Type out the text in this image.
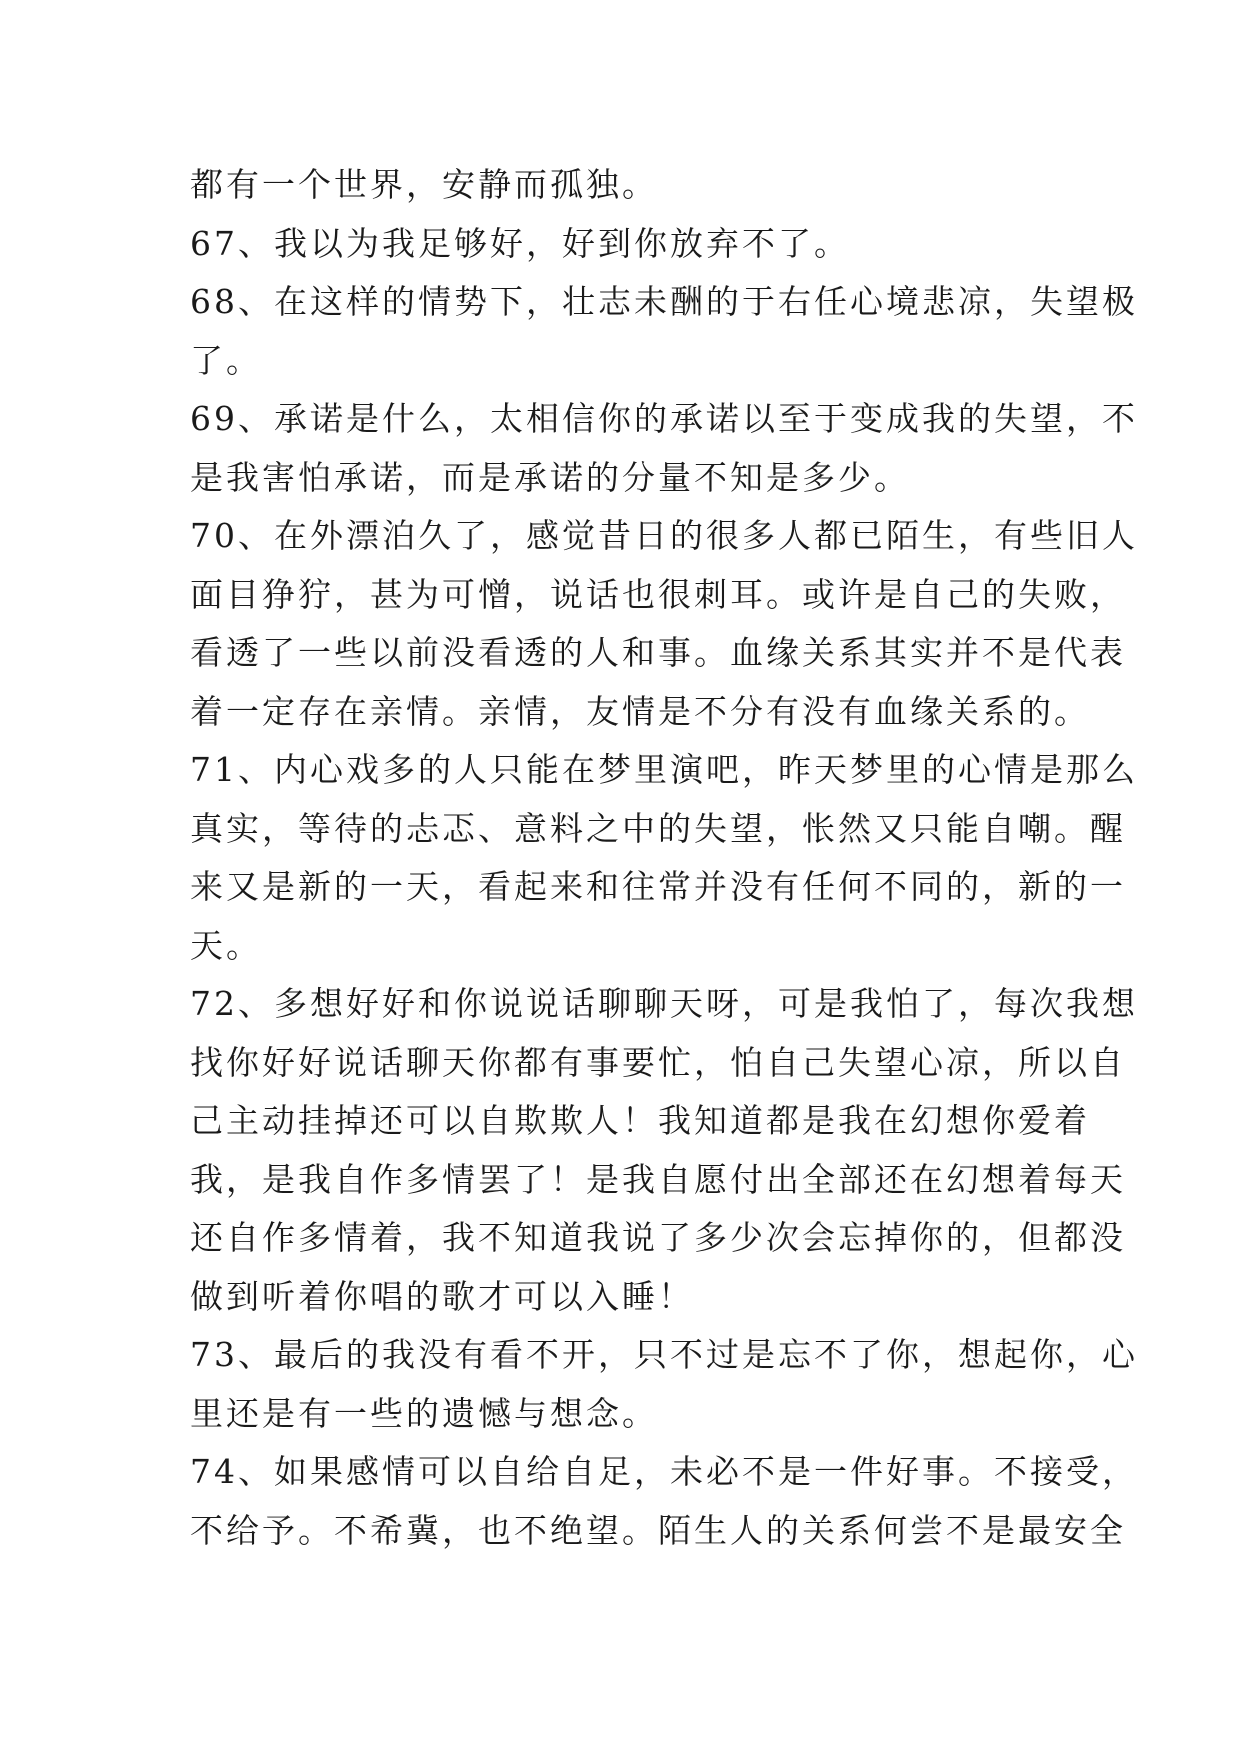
都有一个世界，安静而孤独。
67、我以为我足够好，好到你放弃不了。
68、在这样的情势下，壮志未酬的于右任心境悲凉，失望极
了。
69、承诺是什么，太相信你的承诺以至于变成我的失望，不
是我害怕承诺，而是承诺的分量不知是多少。
70、在外漂泊久了，感觉昔日的很多人都已陌生，有些旧人
面目狰狞，甚为可憎，说话也很刺耳。或许是自己的失败，
看透了一些以前没看透的人和事。血缘关系其实并不是代表
着一定存在亲情。亲情，友情是不分有没有血缘关系的。
71、内心戏多的人只能在梦里演吧，昨天梦里的心情是那么
真实，等待的忐忑、意料之中的失望，怅然又只能自嘲。醒
来又是新的一天，看起来和往常并没有任何不同的，新的一
天。
72、多想好好和你说说话聊聊天呀，可是我怕了，每次我想
找你好好说话聊天你都有事要忙，怕自己失望心凉，所以自
己主动挂掉还可以自欺欺人！我知道都是我在幻想你爱着
我，是我自作多情罢了！是我自愿付出全部还在幻想着每天
还自作多情着，我不知道我说了多少次会忘掉你的，但都没
做到听着你唱的歌才可以入睡！
73、最后的我没有看不开，只不过是忘不了你，想起你，心
里还是有一些的遗憾与想念。
74、如果感情可以自给自足，未必不是一件好事。不接受，
不给予。不希冀，也不绝望。陌生人的关系何尝不是最安全
